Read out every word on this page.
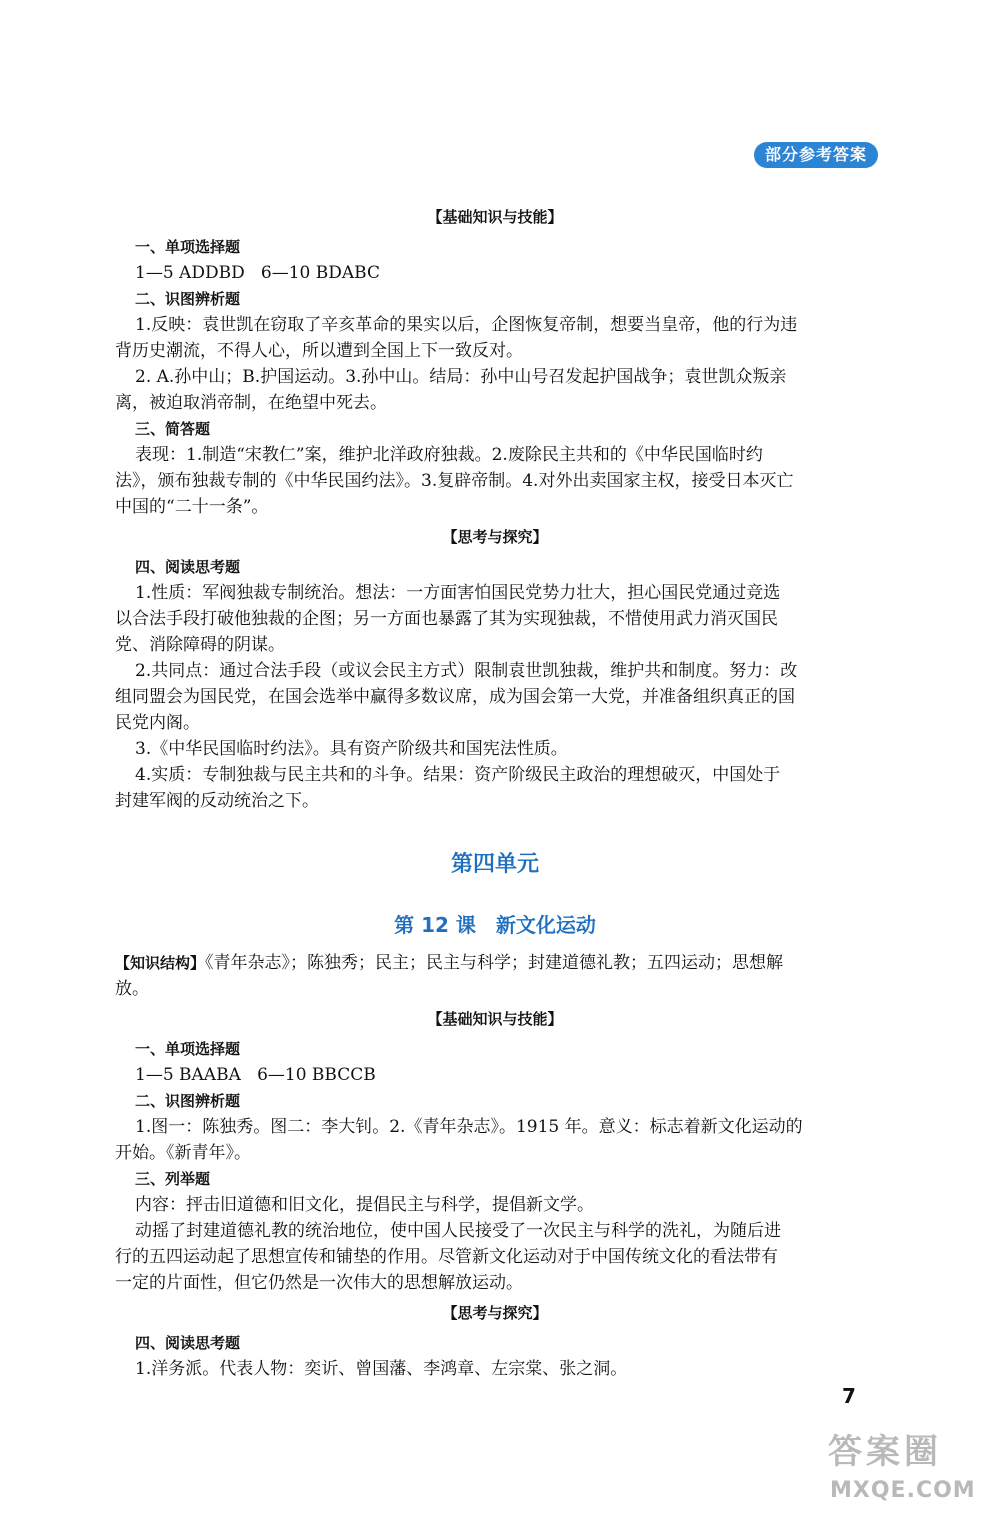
部分参考答案
【基础知识与技能】
一、单项选择题
1—5 ADDBD   6—10 BDABC
二、识图辨析题
1.反映：袁世凯在窃取了辛亥革命的果实以后，企图恢复帝制，想要当皇帝，他的行为违
背历史潮流，不得人心，所以遭到全国上下一致反对。
2. A.孙中山；B.护国运动。3.孙中山。结局：孙中山号召发起护国战争；袁世凯众叛亲
离，被迫取消帝制，在绝望中死去。
三、简答题
表现：1.制造“宋教仁”案，维护北洋政府独裁。2.废除民主共和的《中华民国临时约
法》，颁布独裁专制的《中华民国约法》。3.复辟帝制。4.对外出卖国家主权，接受日本灭亡
中国的“二十一条”。
【思考与探究】
四、阅读思考题
1.性质：军阀独裁专制统治。想法：一方面害怕国民党势力壮大，担心国民党通过竞选
以合法手段打破他独裁的企图；另一方面也暴露了其为实现独裁，不惜使用武力消灭国民
党、消除障碍的阴谋。
2.共同点：通过合法手段（或议会民主方式）限制袁世凯独裁，维护共和制度。努力：改
组同盟会为国民党，在国会选举中赢得多数议席，成为国会第一大党，并准备组织真正的国
民党内阁。
3.《中华民国临时约法》。具有资产阶级共和国宪法性质。
4.实质：专制独裁与民主共和的斗争。结果：资产阶级民主政治的理想破灭，中国处于
封建军阀的反动统治之下。
第四单元
第 12 课　新文化运动
【知识结构】《青年杂志》；陈独秀；民主；民主与科学；封建道德礼教；五四运动；思想解
放。
【基础知识与技能】
一、单项选择题
1—5 BAABA   6—10 BBCCB
二、识图辨析题
1.图一：陈独秀。图二：李大钊。2.《青年杂志》。1915 年。意义：标志着新文化运动的
开始。《新青年》。
三、列举题
内容：抨击旧道德和旧文化，提倡民主与科学，提倡新文学。
动摇了封建道德礼教的统治地位，使中国人民接受了一次民主与科学的洗礼，为随后进
行的五四运动起了思想宣传和铺垫的作用。尽管新文化运动对于中国传统文化的看法带有
一定的片面性，但它仍然是一次伟大的思想解放运动。
【思考与探究】
四、阅读思考题
1.洋务派。代表人物：奕䜣、曾国藩、李鸿章、左宗棠、张之洞。
7
答案圈
MXQE.COM
